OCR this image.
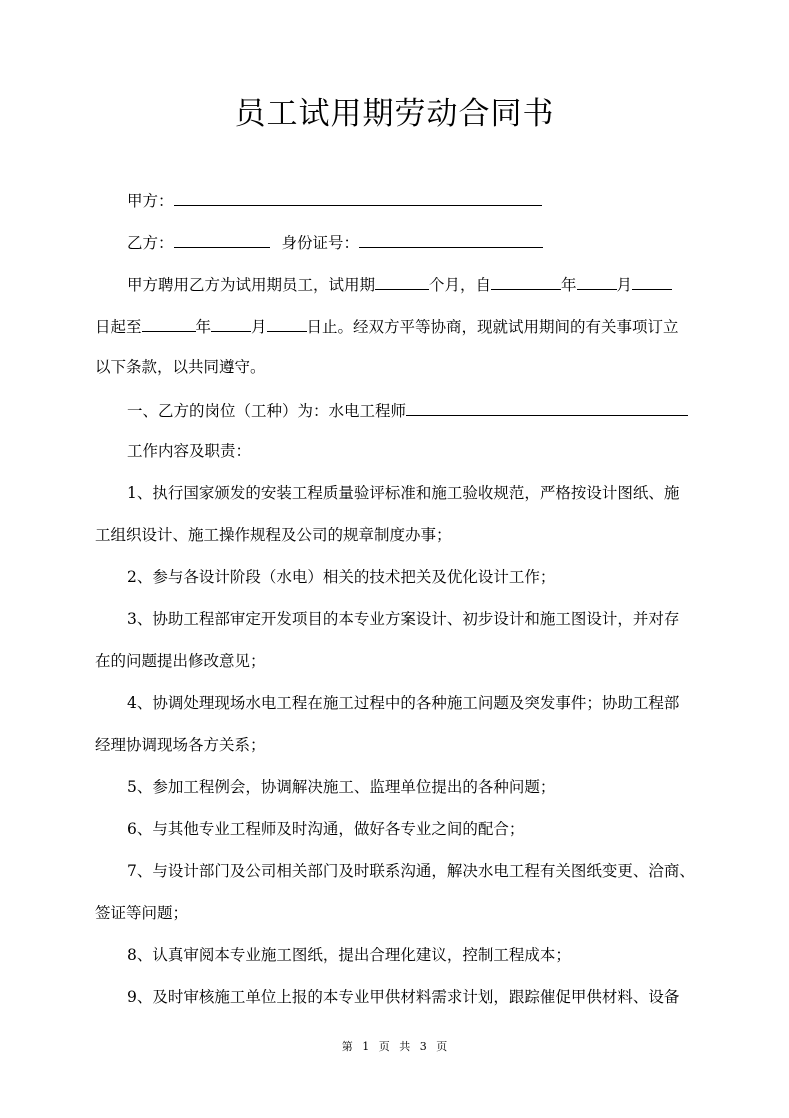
员工试用期劳动合同书
甲方：
乙方：	身份证号：
甲方聘用乙方为试用期员工，试用期	个月，自	年	月
日起至	年	月	日止。经双方平等协商，现就试用期间的有关事项订立
以下条款，以共同遵守。
一、乙方的岗位（工种）为：水电工程师
工作内容及职责：
1、执行国家颁发的安装工程质量验评标准和施工验收规范，严格按设计图纸、施
工组织设计、施工操作规程及公司的规章制度办事；
2、参与各设计阶段（水电）相关的技术把关及优化设计工作；
3、协助工程部审定开发项目的本专业方案设计、初步设计和施工图设计，并对存
在的问题提出修改意见；
4、协调处理现场水电工程在施工过程中的各种施工问题及突发事件；协助工程部
经理协调现场各方关系；
5、参加工程例会，协调解决施工、监理单位提出的各种问题；
6、与其他专业工程师及时沟通，做好各专业之间的配合；
7、与设计部门及公司相关部门及时联系沟通，解决水电工程有关图纸变更、洽商、
签证等问题；
8、认真审阅本专业施工图纸，提出合理化建议，控制工程成本；
9、及时审核施工单位上报的本专业甲供材料需求计划，跟踪催促甲供材料、设备
第 1 页 共 3 页
